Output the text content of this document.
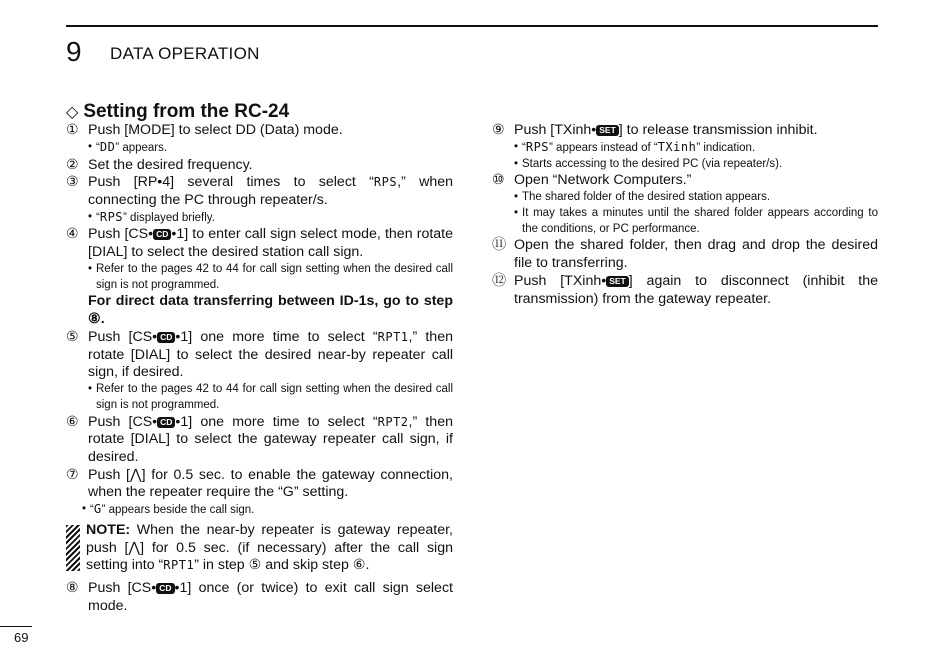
9 DATA OPERATION
◇ Setting from the RC-24
① Push [MODE] to select DD (Data) mode.
• “DD” appears.
② Set the desired frequency.
③ Push [RP•4] several times to select “RPS,” when connecting the PC through repeater/s.
• “RPS” displayed briefly.
④ Push [CS• CD •1] to enter call sign select mode, then rotate [DIAL] to select the desired station call sign.
• Refer to the pages 42 to 44 for call sign setting when the desired call sign is not programmed.
For direct data transferring between ID-1s, go to step ⑧.
⑤ Push [CS• CD •1] one more time to select “RPT1,” then rotate [DIAL] to select the desired near-by repeater call sign, if desired.
• Refer to the pages 42 to 44 for call sign setting when the desired call sign is not programmed.
⑥ Push [CS• CD •1] one more time to select “RPT2,” then rotate [DIAL] to select the gateway repeater call sign, if desired.
⑦ Push [⋀] for 0.5 sec. to enable the gateway connection, when the repeater require the “G” setting.
• “G” appears beside the call sign.
NOTE: When the near-by repeater is gateway repeater, push [⋀] for 0.5 sec. (if necessary) after the call sign setting into “RPT1” in step ⑤ and skip step ⑥.
⑧ Push [CS• CD •1] once (or twice) to exit call sign select mode.
⑨ Push [TXinh• SET ] to release transmission inhibit.
• “RPS” appears instead of “TXinh” indication.
• Starts accessing to the desired PC (via repeater/s).
⑩ Open “Network Computers.”
• The shared folder of the desired station appears.
• It may takes a minutes until the shared folder appears according to the conditions, or PC performance.
⑪ Open the shared folder, then drag and drop the desired file to transferring.
⑫ Push [TXinh• SET ] again to disconnect (inhibit the transmission) from the gateway repeater.
69
